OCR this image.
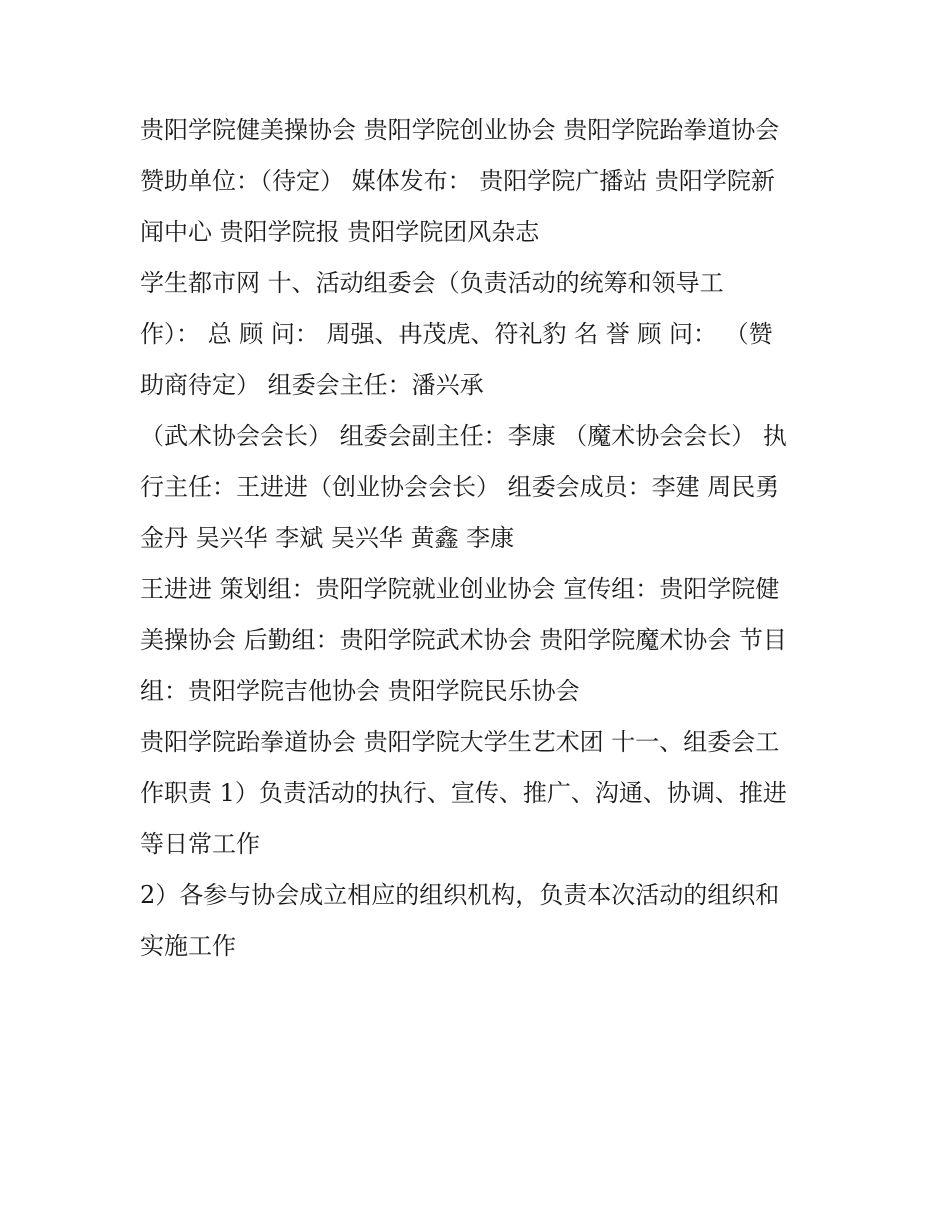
贵阳学院健美操协会 贵阳学院创业协会 贵阳学院跆拳道协会
赞助单位：（待定） 媒体发布： 贵阳学院广播站 贵阳学院新
闻中心 贵阳学院报 贵阳学院团风杂志
学生都市网 十、活动组委会（负责活动的统筹和领导工
作）： 总 顾 问： 周强、冉茂虎、符礼豹 名 誉 顾 问： （赞
助商待定） 组委会主任：潘兴承
（武术协会会长） 组委会副主任：李康 （魔术协会会长） 执
行主任：王进进（创业协会会长） 组委会成员：李建 周民勇
金丹 吴兴华 李斌 吴兴华 黄鑫 李康
王进进 策划组：贵阳学院就业创业协会 宣传组：贵阳学院健
美操协会 后勤组：贵阳学院武术协会 贵阳学院魔术协会 节目
组：贵阳学院吉他协会 贵阳学院民乐协会
贵阳学院跆拳道协会 贵阳学院大学生艺术团 十一、组委会工
作职责 1）负责活动的执行、宣传、推广、沟通、协调、推进
等日常工作
2）各参与协会成立相应的组织机构，负责本次活动的组织和
实施工作
